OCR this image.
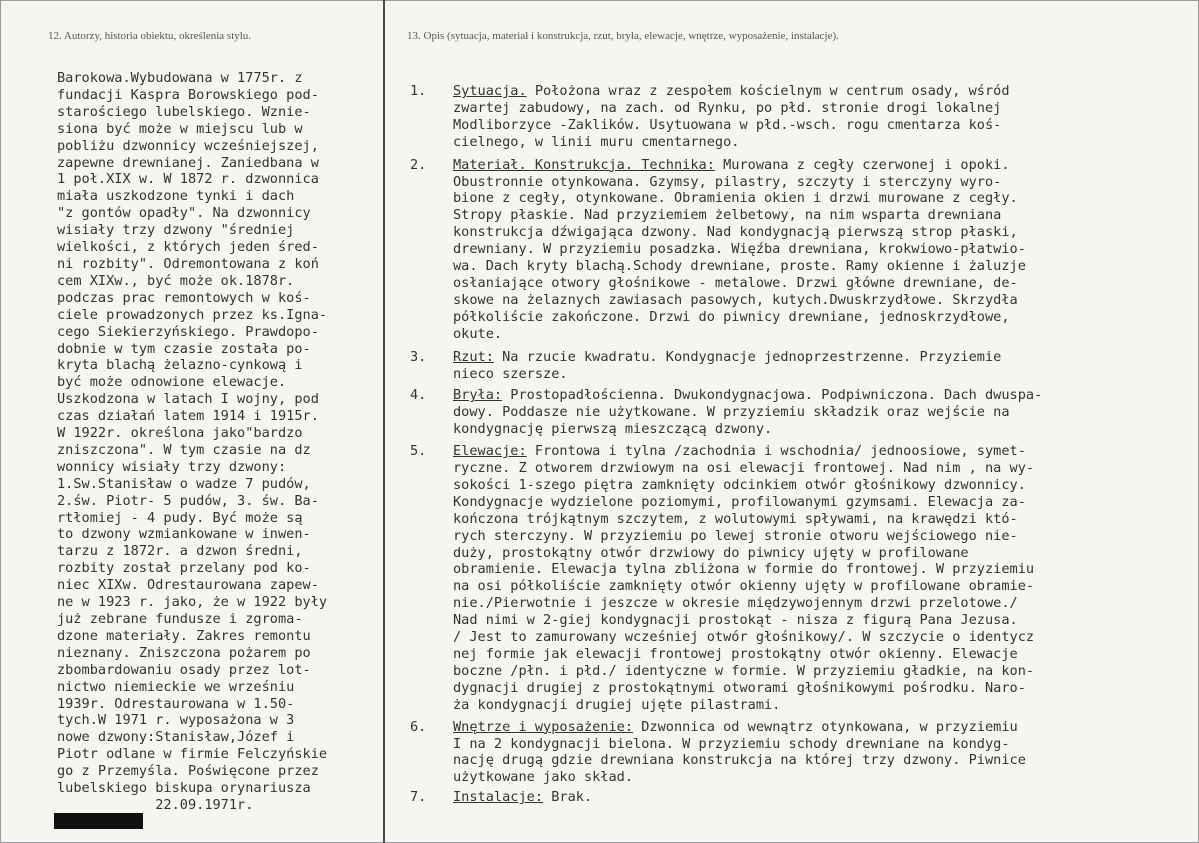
12. Autorzy, historia obiektu, określenia stylu.	13. Opis (sytuacja, materiał i konstrukcja, rzut, bryła, elewacje, wnętrze, wyposażenie, instalacje).
Barokowa.Wybudowana w 1775r. z
fundacji Kaspra Borowskiego pod-
starościego lubelskiego. Wznie-
siona być może w miejscu lub w
pobliżu dzwonnicy wcześniejszej,
zapewne drewnianej. Zaniedbana w
1 poł.XIX w. W 1872 r. dzwonnica
miała uszkodzone tynki i dach
"z gontów opadły". Na dzwonnicy
wisiały trzy dzwony "średniej
wielkości, z których jeden śred-
ni rozbity". Odremontowana z koń
cem XIXw., być może ok.1878r.
podczas prac remontowych w koś-
ciele prowadzonych przez ks.Igna-
cego Siekierzyńskiego. Prawdopo-
dobnie w tym czasie została po-
kryta blachą żelazno-cynkową i
być może odnowione elewacje.
Uszkodzona w latach I wojny, pod
czas działań latem 1914 i 1915r.
W 1922r. określona jako"bardzo
zniszczona". W tym czasie na dz
wonnicy wisiały trzy dzwony:
1.Sw.Stanisław o wadze 7 pudów,
2.św. Piotr- 5 pudów, 3. św. Ba-
rtłomiej - 4 pudy. Być może są
to dzwony wzmiankowane w inwen-
tarzu z 1872r. a dzwon średni,
rozbity został przelany pod ko-
niec XIXw. Odrestaurowana zapew-
ne w 1923 r. jako, że w 1922 były
już zebrane fundusze i zgroma-
dzone materiały. Zakres remontu
nieznany. Zniszczona pożarem po
zbombardowaniu osady przez lot-
nictwo niemieckie we wrześniu
1939r. Odrestaurowana w 1.50-
tych.W 1971 r. wyposażona w 3
nowe dzwony:Stanisław,Józef i
Piotr odlane w firmie Felczyńskie
go z Przemyśla. Poświęcone przez
lubelskiego biskupa orynariusza
22.09.1971r.
1. Sytuacja. Położona wraz z zespołem kościelnym w centrum osady, wśród
zwartej zabudowy, na zach. od Rynku, po płd. stronie drogi lokalnej
Modliborzyce -Zaklików. Usytuowana w płd.-wsch. rogu cmentarza koś-
cielnego, w linii muru cmentarnego.
2. Materiał. Konstrukcja. Technika: Murowana z cegły czerwonej i opoki.
Obustronnie otynkowana. Gzymsy, pilastry, szczyty i sterczyny wyro-
bione z cegły, otynkowane. Obramienia okien i drzwi murowane z cegły.
Stropy płaskie. Nad przyziemiem żelbetowy, na nim wsparta drewniana
konstrukcja dźwigająca dzwony. Nad kondygnacją pierwszą strop płaski,
drewniany. W przyziemiu posadzka. Więźba drewniana, krokwiowo-płatwio-
wa. Dach kryty blachą.Schody drewniane, proste. Ramy okienne i żaluzje
osłaniające otwory głośnikowe - metalowe. Drzwi główne drewniane, de-
skowe na żelaznych zawiasach pasowych, kutych.Dwuskrzydłowe. Skrzydła
półkoliście zakończone. Drzwi do piwnicy drewniane, jednoskrzydłowe,
okute.
3. Rzut: Na rzucie kwadratu. Kondygnacje jednoprzestrzenne. Przyziemie
nieco szersze.
4. Bryła: Prostopadłościenna. Dwukondygnacjowa. Podpiwniczona. Dach dwuspa-
dowy. Poddasze nie użytkowane. W przyziemiu składzik oraz wejście na
kondygnację pierwszą mieszczącą dzwony.
5. Elewacje: Frontowa i tylna /zachodnia i wschodnia/ jednoosiowe, symet-
ryczne. Z otworem drzwiowym na osi elewacji frontowej. Nad nim , na wy-
sokości 1-szego piętra zamknięty odcinkiem otwór głośnikowy dzwonnicy.
Kondygnacje wydzielone poziomymi, profilowanymi gzymsami. Elewacja za-
kończona trójkątnym szczytem, z wolutowymi spływami, na krawędzi któ-
rych sterczyny. W przyziemiu po lewej stronie otworu wejściowego nie-
duży, prostokątny otwór drzwiowy do piwnicy ujęty w profilowane
obramienie. Elewacja tylna zbliżona w formie do frontowej. W przyziemiu
na osi półkoliście zamknięty otwór okienny ujęty w profilowane obramie-
nie./Pierwotnie i jeszcze w okresie międzywojennym drzwi przelotowe./
Nad nimi w 2-giej kondygnacji prostokąt - nisza z figurą Pana Jezusa.
/ Jest to zamurowany wcześniej otwór głośnikowy/. W szczycie o identycz
nej formie jak elewacji frontowej prostokątny otwór okienny. Elewacje
boczne /płn. i płd./ identyczne w formie. W przyziemiu gładkie, na kon-
dygnacji drugiej z prostokątnymi otworami głośnikowymi pośrodku. Naro-
ża kondygnacji drugiej ujęte pilastrami.
6. Wnętrze i wyposażenie: Dzwonnica od wewnątrz otynkowana, w przyziemiu
I na 2 kondygnacji bielona. W przyziemiu schody drewniane na kondyg-
nację drugą gdzie drewniana konstrukcja na której trzy dzwony. Piwnice
użytkowane jako skład.
7. Instalacje: Brak.
